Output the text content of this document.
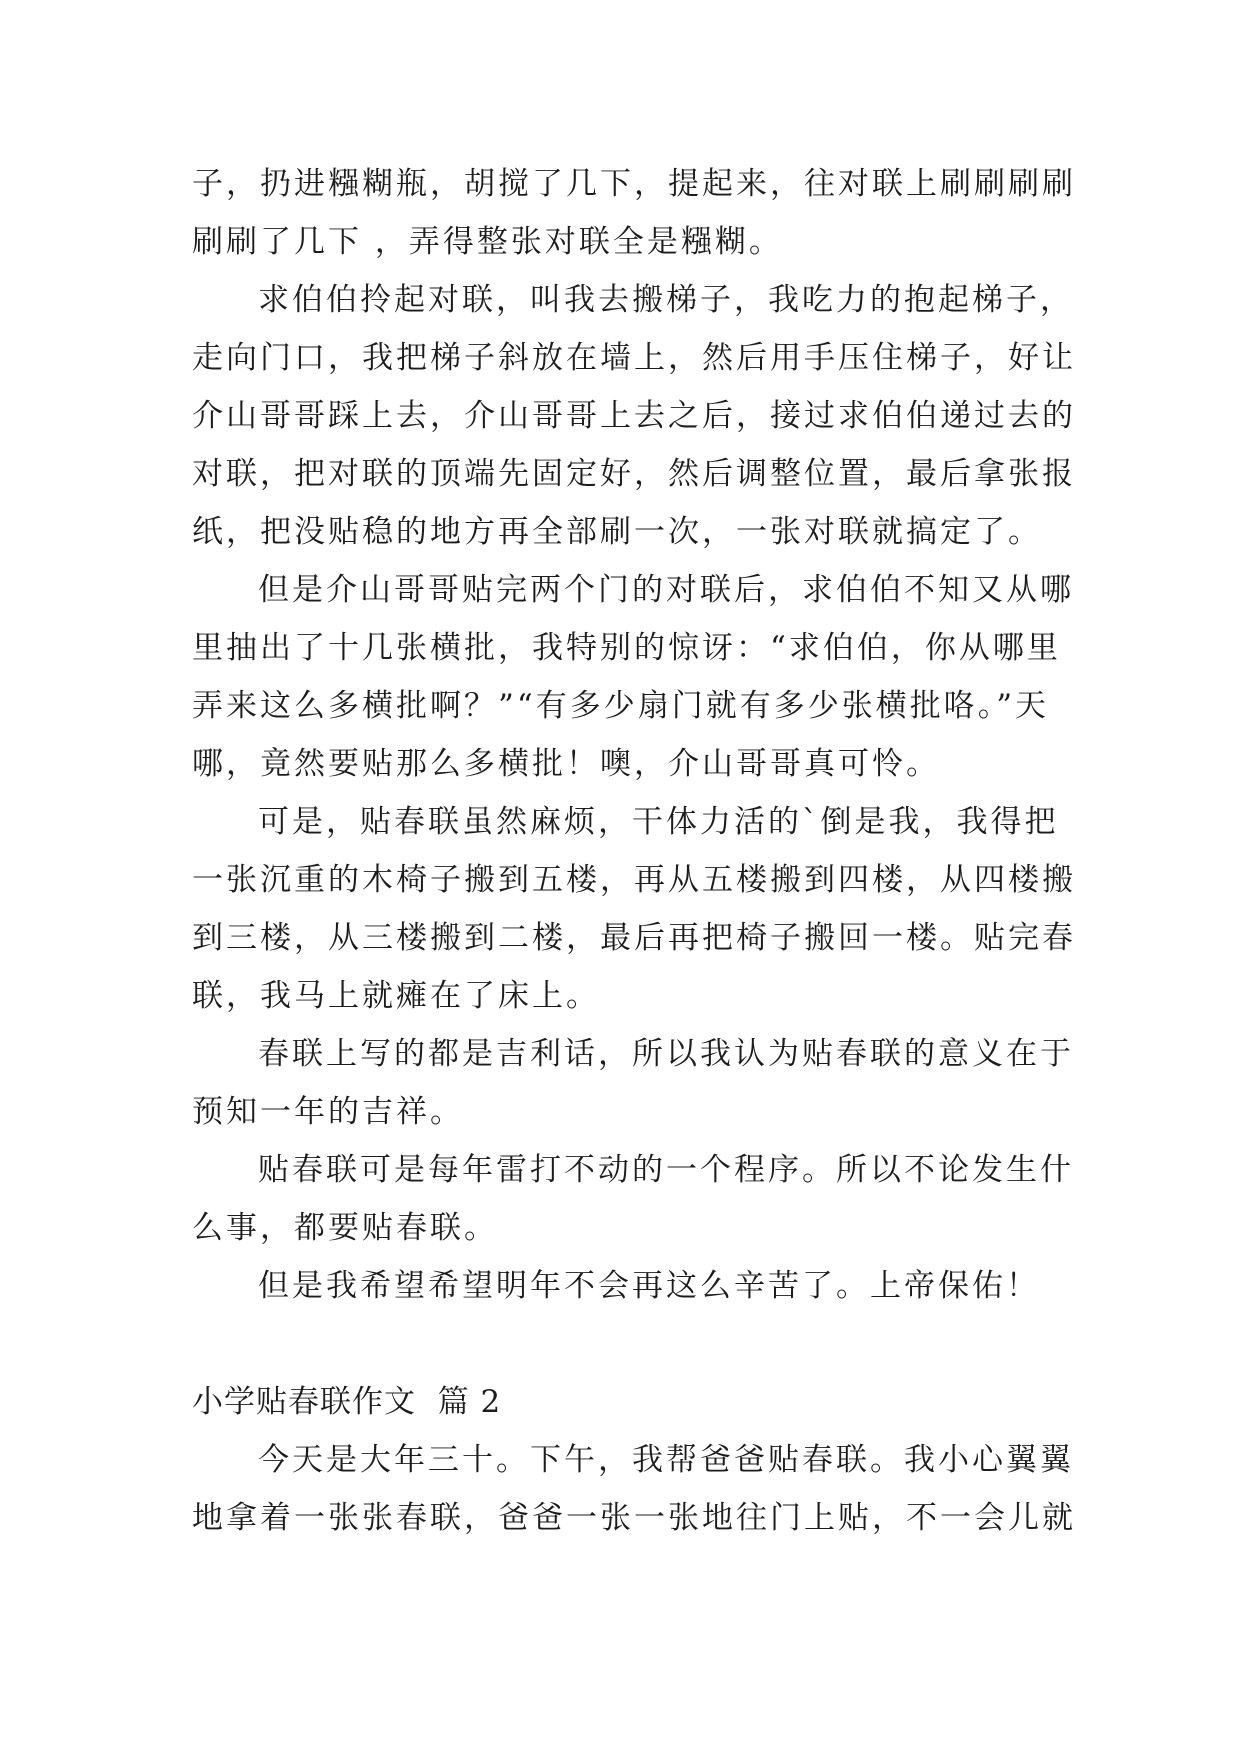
子，扔进糨糊瓶，胡搅了几下，提起来，往对联上刷刷刷刷
刷刷了几下 ，弄得整张对联全是糨糊。
求伯伯拎起对联，叫我去搬梯子，我吃力的抱起梯子，
走向门口，我把梯子斜放在墙上，然后用手压住梯子，好让
介山哥哥踩上去，介山哥哥上去之后，接过求伯伯递过去的
对联，把对联的顶端先固定好，然后调整位置，最后拿张报
纸，把没贴稳的地方再全部刷一次，一张对联就搞定了。
但是介山哥哥贴完两个门的对联后，求伯伯不知又从哪
里抽出了十几张横批，我特别的惊讶：“求伯伯，你从哪里
弄来这么多横批啊？”“有多少扇门就有多少张横批咯。”天
哪，竟然要贴那么多横批！噢，介山哥哥真可怜。
可是，贴春联虽然麻烦，干体力活的`倒是我，我得把
一张沉重的木椅子搬到五楼，再从五楼搬到四楼，从四楼搬
到三楼，从三楼搬到二楼，最后再把椅子搬回一楼。贴完春
联，我马上就瘫在了床上。
春联上写的都是吉利话，所以我认为贴春联的意义在于
预知一年的吉祥。
贴春联可是每年雷打不动的一个程序。所以不论发生什
么事，都要贴春联。
但是我希望希望明年不会再这么辛苦了。上帝保佑！
小学贴春联作文  篇 2
今天是大年三十。下午，我帮爸爸贴春联。我小心翼翼
地拿着一张张春联，爸爸一张一张地往门上贴，不一会儿就
